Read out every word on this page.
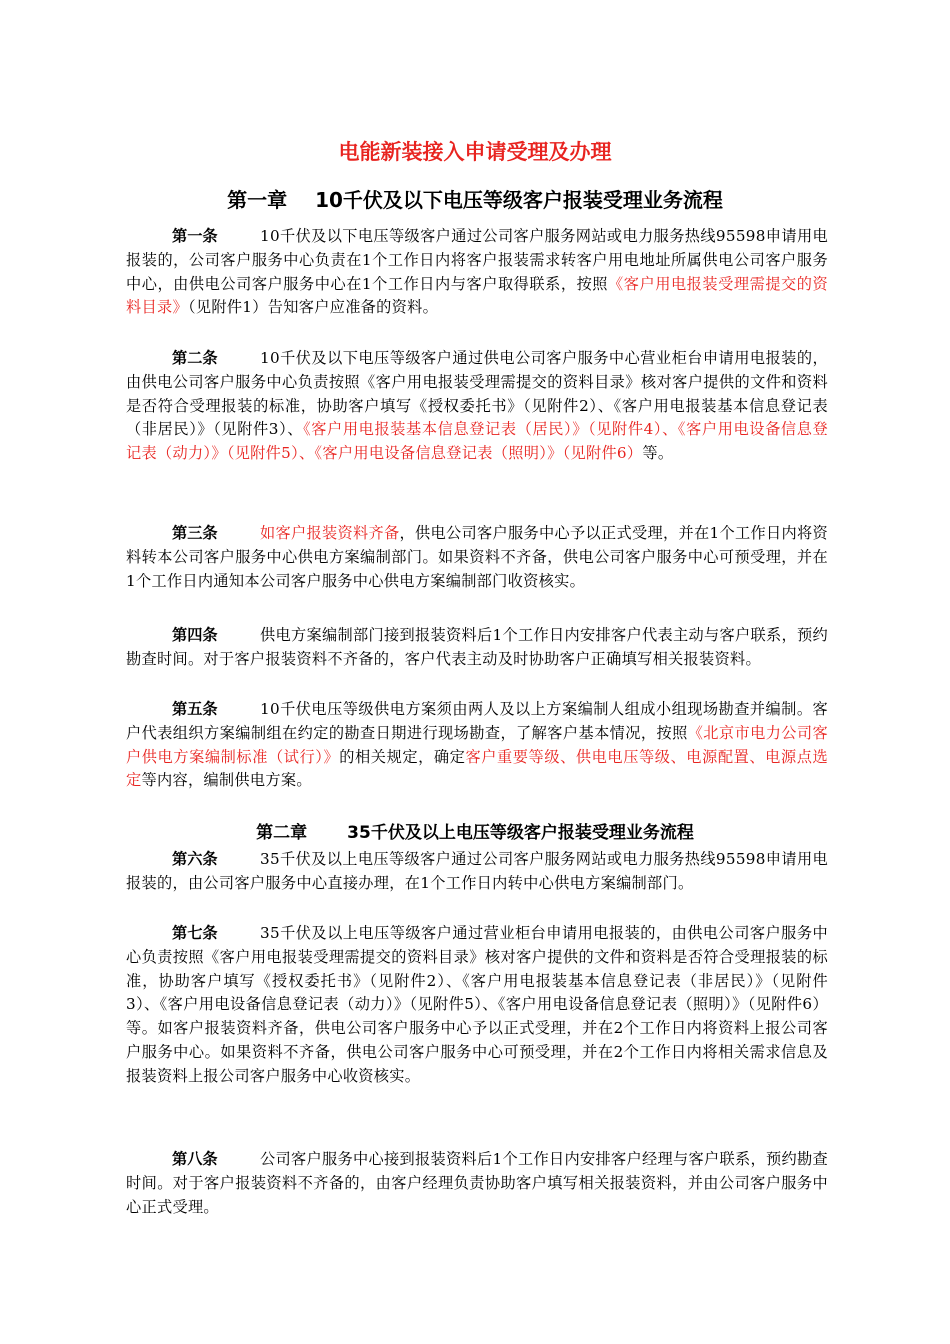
电能新装接入申请受理及办理
第一章 10千伏及以下电压等级客户报装受理业务流程
第一条	10千伏及以下电压等级客户通过公司客户服务网站或电力服务热线95598申请用电报装的，公司客户服务中心负责在1个工作日内将客户报装需求转客户用电地址所属供电公司客户服务中心，由供电公司客户服务中心在1个工作日内与客户取得联系，按照《客户用电报装受理需提交的资料目录》（见附件1）告知客户应准备的资料。
第二条	10千伏及以下电压等级客户通过供电公司客户服务中心营业柜台申请用电报装的，由供电公司客户服务中心负责按照《客户用电报装受理需提交的资料目录》核对客户提供的文件和资料是否符合受理报装的标准，协助客户填写《授权委托书》（见附件2）、《客户用电报装基本信息登记表（非居民）》（见附件3）、《客户用电报装基本信息登记表（居民）》（见附件4）、《客户用电设备信息登记表（动力）》（见附件5）、《客户用电设备信息登记表（照明）》（见附件6）等。
第三条	如客户报装资料齐备，供电公司客户服务中心予以正式受理，并在1个工作日内将资料转本公司客户服务中心供电方案编制部门。如果资料不齐备，供电公司客户服务中心可预受理，并在1个工作日内通知本公司客户服务中心供电方案编制部门收资核实。
第四条	供电方案编制部门接到报装资料后1个工作日内安排客户代表主动与客户联系，预约勘查时间。对于客户报装资料不齐备的，客户代表主动及时协助客户正确填写相关报装资料。
第五条	10千伏电压等级供电方案须由两人及以上方案编制人组成小组现场勘查并编制。客户代表组织方案编制组在约定的勘查日期进行现场勘查，了解客户基本情况，按照《北京市电力公司客户供电方案编制标准（试行）》的相关规定，确定客户重要等级、供电电压等级、电源配置、电源点选定等内容，编制供电方案。
第二章 35千伏及以上电压等级客户报装受理业务流程
第六条	35千伏及以上电压等级客户通过公司客户服务网站或电力服务热线95598申请用电报装的，由公司客户服务中心直接办理，在1个工作日内转中心供电方案编制部门。
第七条	35千伏及以上电压等级客户通过营业柜台申请用电报装的，由供电公司客户服务中心负责按照《客户用电报装受理需提交的资料目录》核对客户提供的文件和资料是否符合受理报装的标准，协助客户填写《授权委托书》（见附件2）、《客户用电报装基本信息登记表（非居民）》（见附件3）、《客户用电设备信息登记表（动力）》（见附件5）、《客户用电设备信息登记表（照明）》（见附件6）等。如客户报装资料齐备，供电公司客户服务中心予以正式受理，并在2个工作日内将资料上报公司客户服务中心。如果资料不齐备，供电公司客户服务中心可预受理，并在2个工作日内将相关需求信息及报装资料上报公司客户服务中心收资核实。
第八条	公司客户服务中心接到报装资料后1个工作日内安排客户经理与客户联系，预约勘查时间。对于客户报装资料不齐备的，由客户经理负责协助客户填写相关报装资料，并由公司客户服务中心正式受理。
